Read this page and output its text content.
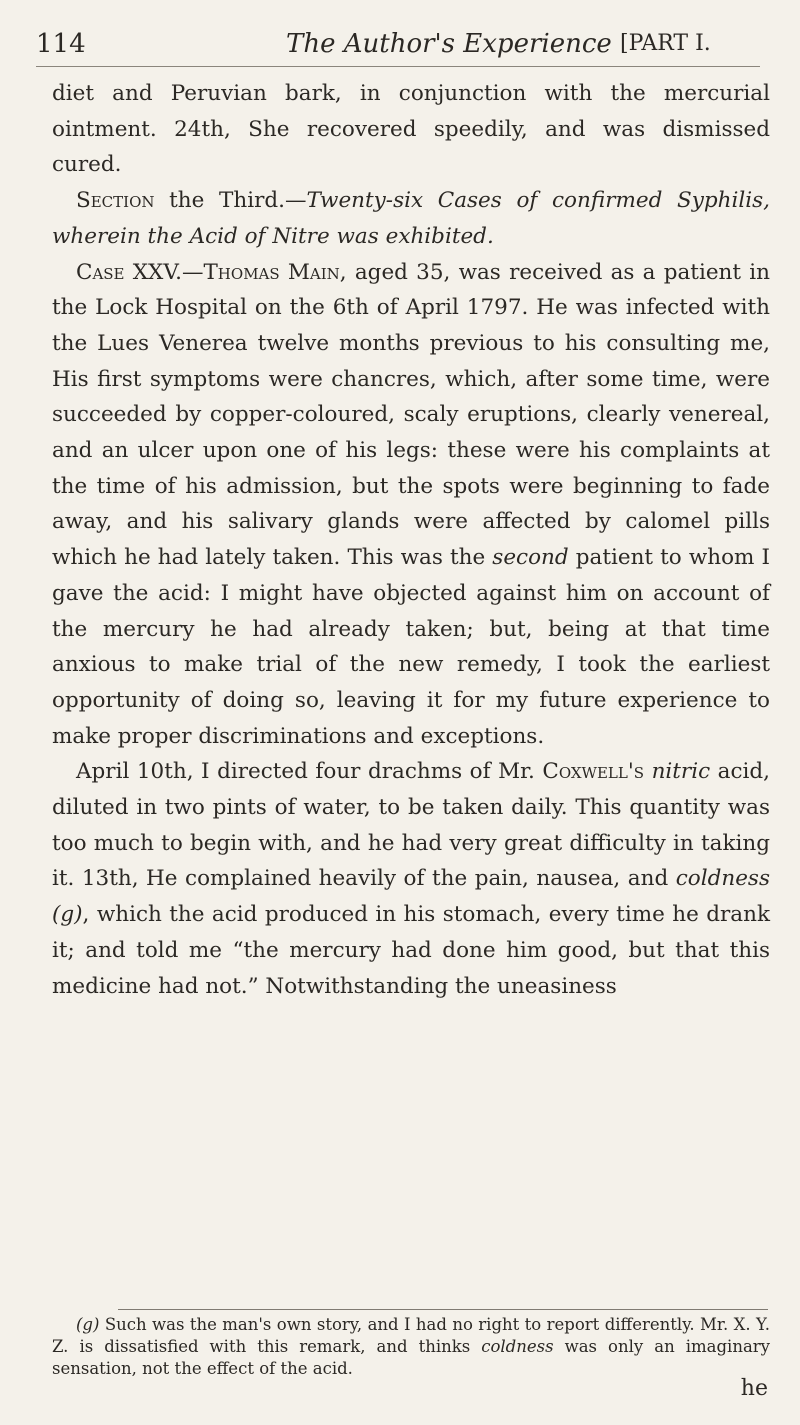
114	The Author's Experience [PART I.

diet and Peruvian bark, in conjunction with the mercurial ointment. 24th, She recovered speedily, and was dismissed cured.

Section the Third.—Twenty-six Cases of confirmed Syphilis, wherein the Acid of Nitre was exhibited.

Case XXV.—Thomas Main, aged 35, was received as a patient in the Lock Hospital on the 6th of April 1797. He was infected with the Lues Venerea twelve months previous to his consulting me, His first symptoms were chancres, which, after some time, were succeeded by copper-coloured, scaly eruptions, clearly venereal, and an ulcer upon one of his legs: these were his complaints at the time of his admission, but the spots were beginning to fade away, and his salivary glands were affected by calomel pills which he had lately taken. This was the second patient to whom I gave the acid: I might have objected against him on account of the mercury he had already taken; but, being at that time anxious to make trial of the new remedy, I took the earliest opportunity of doing so, leaving it for my future experience to make proper discriminations and exceptions.

April 10th, I directed four drachms of Mr. Coxwell's nitric acid, diluted in two pints of water, to be taken daily. This quantity was too much to begin with, and he had very great difficulty in taking it. 13th, He complained heavily of the pain, nausea, and coldness (g), which the acid produced in his stomach, every time he drank it; and told me “the mercury had done him good, but that this medicine had not.” Notwithstanding the uneasiness

(g) Such was the man's own story, and I had no right to report differently. Mr. X. Y. Z. is dissatisfied with this remark, and thinks coldness was only an imaginary sensation, not the effect of the acid.

he
